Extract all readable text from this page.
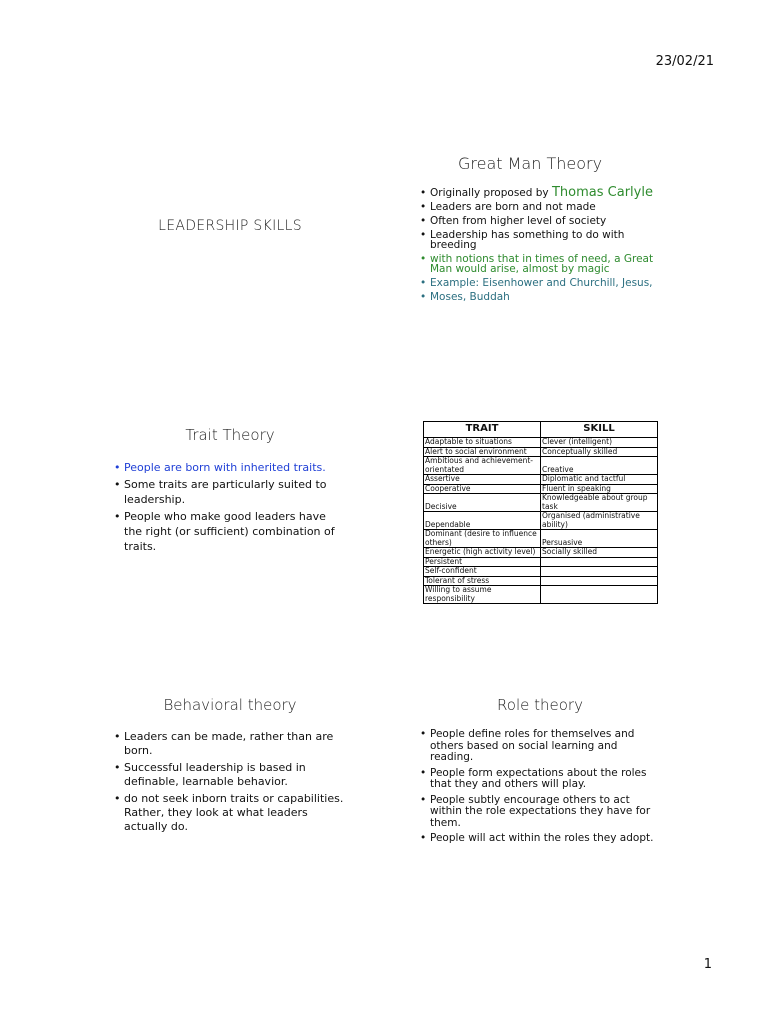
23/02/21
Great Man Theory
• Originally proposed by Thomas Carlyle
• Leaders are born and not made
• Often from higher level of society
• Leadership has something to do with breeding
• with notions that in times of need, a Great Man would arise, almost by magic
• Example: Eisenhower and Churchill, Jesus,
• Moses, Buddah
LEADERSHIP SKILLS
Trait Theory
• People are born with inherited traits.
• Some traits are particularly suited to leadership.
• People who make good leaders have the right (or sufficient) combination of traits.
TRAIT	SKILL
Adaptable to situations	Clever (intelligent)
Alert to social environment	Conceptually skilled
Ambitious and achievement-orientated	Creative
Assertive	Diplomatic and tactful
Cooperative	Fluent in speaking
Decisive	Knowledgeable about group task
Dependable	Organised (administrative ability)
Dominant (desire to influence others)	Persuasive
Energetic (high activity level)	Socially skilled
Persistent	
Self-confident	
Tolerant of stress	
Willing to assume responsibility	
Behavioral theory
• Leaders can be made, rather than are born.
• Successful leadership is based in definable, learnable behavior.
• do not seek inborn traits or capabilities. Rather, they look at what leaders actually do.
Role theory
• People define roles for themselves and others based on social learning and reading.
• People form expectations about the roles that they and others will play.
• People subtly encourage others to act within the role expectations they have for them.
• People will act within the roles they adopt.
1
